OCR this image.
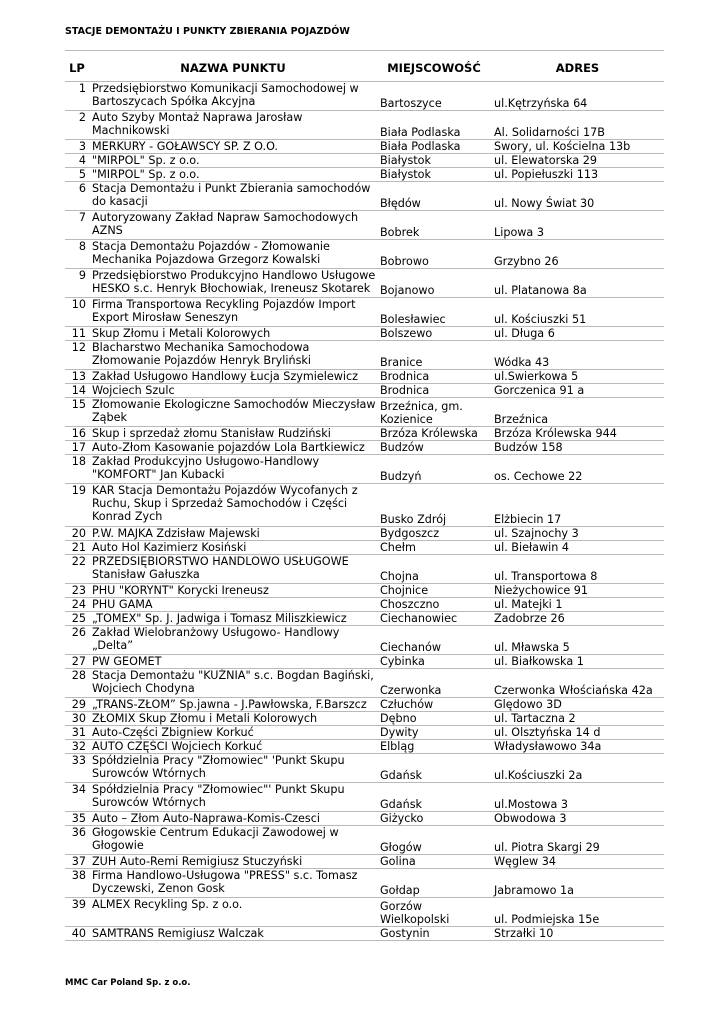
STACJE DEMONTAŻU I PUNKTY ZBIERANIA POJAZDÓW
LP	NAZWA PUNKTU	MIEJSCOWOŚĆ	ADRES
1	Przedsiębiorstwo Komunikacji Samochodowej w Bartoszycach Spółka Akcyjna	Bartoszyce	ul.Kętrzyńska 64
2	Auto Szyby Montaż Naprawa Jarosław Machnikowski	Biała Podlaska	Al. Solidarności 17B
3	MERKURY - GOŁAWSCY SP. Z O.O.	Biała Podlaska	Swory, ul. Kościelna 13b
4	"MIRPOL" Sp. z o.o.	Białystok	ul. Elewatorska 29
5	"MIRPOL" Sp. z o.o.	Białystok	ul. Popiełuszki 113
6	Stacja Demontażu i Punkt Zbierania samochodów do kasacji	Błędów	ul. Nowy Świat 30
7	Autoryzowany Zakład Napraw Samochodowych AZNS	Bobrek	Lipowa 3
8	Stacja Demontażu Pojazdów - Złomowanie Mechanika Pojazdowa Grzegorz Kowalski	Bobrowo	Grzybno 26
9	Przedsiębiorstwo Produkcyjno Handlowo Usługowe HESKO s.c. Henryk Błochowiak, Ireneusz Skotarek	Bojanowo	ul. Platanowa 8a
10	Firma Transportowa Recykling Pojazdów Import Export Mirosław Seneszyn	Bolesławiec	ul. Kościuszki 51
11	Skup Złomu i Metali Kolorowych	Bolszewo	ul. Długa 6
12	Blacharstwo Mechanika Samochodowa Złomowanie Pojazdów Henryk Bryliński	Branice	Wódka 43
13	Zakład Usługowo Handlowy Łucja Szymielewicz	Brodnica	ul.Swierkowa 5
14	Wojciech Szulc	Brodnica	Gorczenica 91 a
15	Złomowanie Ekologiczne Samochodów Mieczysław Ząbek	Brzeźnica, gm. Kozienice	Brzeźnica
16	Skup i sprzedaż złomu Stanisław Rudziński	Brzóza Królewska	Brzóza Królewska 944
17	Auto-Złom Kasowanie pojazdów Lola Bartkiewicz	Budzów	Budzów 158
18	Zakład Produkcyjno Usługowo-Handlowy "KOMFORT" Jan Kubacki	Budzyń	os. Cechowe 22
19	KAR Stacja Demontażu Pojazdów Wycofanych z Ruchu, Skup i Sprzedaż Samochodów i Części Konrad Zych	Busko Zdrój	Elżbiecin 17
20	P.W. MAJKA Zdzisław Majewski	Bydgoszcz	ul. Szajnochy 3
21	Auto Hol Kazimierz Kosiński	Chełm	ul. Bieławin 4
22	PRZEDSIĘBIORSTWO HANDLOWO USŁUGOWE Stanisław Gałuszka	Chojna	ul. Transportowa 8
23	PHU "KORYNT" Korycki Ireneusz	Chojnice	Nieżychowice 91
24	PHU GAMA	Choszczno	ul. Matejki 1
25	„TOMEX" Sp. J. Jadwiga i Tomasz Miliszkiewicz	Ciechanowiec	Zadobrze 26
26	Zakład Wielobranżowy Usługowo- Handlowy „Delta”	Ciechanów	ul. Mławska 5
27	PW GEOMET	Cybinka	ul. Białkowska 1
28	Stacja Demontażu "KUŹNIA" s.c. Bogdan Bagiński, Wojciech Chodyna	Czerwonka	Czerwonka Włościańska 42a
29	„TRANS-ZŁOM” Sp.jawna - J.Pawłowska, F.Barszcz	Człuchów	Ględowo 3D
30	ZŁOMIX Skup Złomu i Metali Kolorowych	Dębno	ul. Tartaczna 2
31	Auto-Części Zbigniew Korkuć	Dywity	ul. Olsztyńska 14 d
32	AUTO CZĘŚCI Wojciech Korkuć	Elbląg	Władysławowo 34a
33	Spółdzielnia Pracy "Złomowiec" 'Punkt Skupu Surowców Wtórnych	Gdańsk	ul.Kościuszki 2a
34	Spółdzielnia Pracy "Złomowiec"' Punkt Skupu Surowców Wtórnych	Gdańsk	ul.Mostowa 3
35	Auto – Złom Auto-Naprawa-Komis-Czesci	Giżycko	Obwodowa 3
36	Głogowskie Centrum Edukacji Zawodowej w Głogowie	Głogów	ul. Piotra Skargi 29
37	ZUH Auto-Remi Remigiusz Stuczyński	Golina	Węglew 34
38	Firma Handlowo-Usługowa "PRESS" s.c. Tomasz Dyczewski, Zenon Gosk	Gołdap	Jabramowo 1a
39	ALMEX Recykling Sp. z o.o.	Gorzów Wielkopolski	ul. Podmiejska 15e
40	SAMTRANS Remigiusz Walczak	Gostynin	Strzałki 10
MMC Car Poland Sp. z o.o.
